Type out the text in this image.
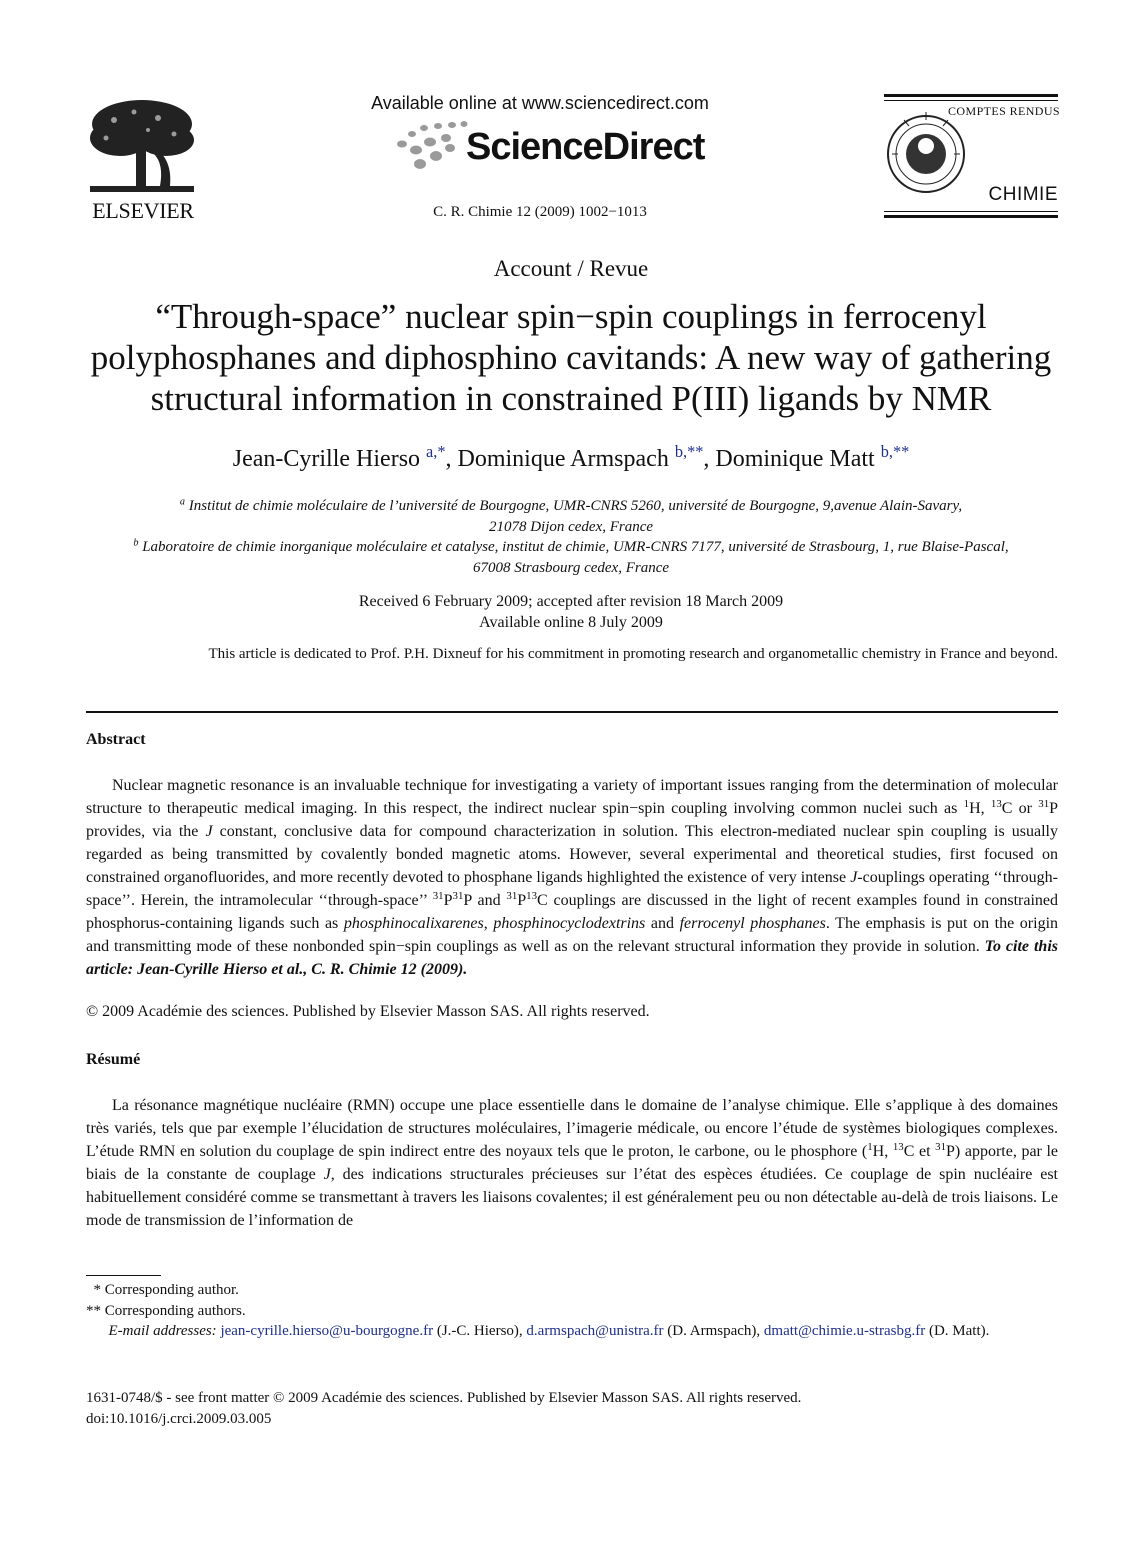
ELSEVIER
Available online at www.sciencedirect.com
ScienceDirect
C. R. Chimie 12 (2009) 1002−1013
COMPTES RENDUS
CHIMIE
Account / Revue
“Through-space” nuclear spin−spin couplings in ferrocenyl
polyphosphanes and diphosphino cavitands: A new way of gathering
structural information in constrained P(III) ligands by NMR
Jean-Cyrille Hierso $^{a,*}$, Dominique Armspach $^{b,**}$, Dominique Matt $^{b,**}$
$^a$ Institut de chimie moléculaire de l’université de Bourgogne, UMR-CNRS 5260, université de Bourgogne, 9,avenue Alain-Savary,
21078 Dijon cedex, France
$^b$ Laboratoire de chimie inorganique moléculaire et catalyse, institut de chimie, UMR-CNRS 7177, université de Strasbourg, 1, rue Blaise-Pascal,
67008 Strasbourg cedex, France
Received 6 February 2009; accepted after revision 18 March 2009
Available online 8 July 2009
This article is dedicated to Prof. P.H. Dixneuf for his commitment in promoting research and organometallic chemistry in France and beyond.
Abstract

Nuclear magnetic resonance is an invaluable technique for investigating a variety of important issues ranging from the determination of molecular structure to therapeutic medical imaging. In this respect, the indirect nuclear spin−spin coupling involving common nuclei such as $^1$H, $^{13}$C or $^{31}$P provides, via the J constant, conclusive data for compound characterization in solution. This electron-mediated nuclear spin coupling is usually regarded as being transmitted by covalently bonded magnetic atoms. However, several experimental and theoretical studies, first focused on constrained organofluorides, and more recently devoted to phosphane ligands highlighted the existence of very intense J-couplings operating ‘‘through-space’’. Herein, the intramolecular ‘‘through-space’’ $^{31}P^{31}P$ and $^{31}P^{13}C$ couplings are discussed in the light of recent examples found in constrained phosphorus-containing ligands such as phosphinocalixarenes, phosphinocyclodextrins and ferrocenyl phosphanes. The emphasis is put on the origin and transmitting mode of these nonbonded spin−spin couplings as well as on the relevant structural information they provide in solution. To cite this article: Jean-Cyrille Hierso et al., C. R. Chimie 12 (2009).

© 2009 Académie des sciences. Published by Elsevier Masson SAS. All rights reserved.
Résumé

La résonance magnétique nucléaire (RMN) occupe une place essentielle dans le domaine de l’analyse chimique. Elle s’applique à des domaines très variés, tels que par exemple l’élucidation de structures moléculaires, l’imagerie médicale, ou encore l’étude de systèmes biologiques complexes. L’étude RMN en solution du couplage de spin indirect entre des noyaux tels que le proton, le carbone, ou le phosphore ($^1$H, $^{13}$C et $^{31}$P) apporte, par le biais de la constante de couplage J, des indications structurales précieuses sur l’état des espèces étudiées. Ce couplage de spin nucléaire est habituellement considéré comme se transmettant à travers les liaisons covalentes; il est généralement peu ou non détectable au-delà de trois liaisons. Le mode de transmission de l’information de

* Corresponding author.
** Corresponding authors.
E-mail addresses: jean-cyrille.hierso@u-bourgogne.fr (J.-C. Hierso), d.armspach@unistra.fr (D. Armspach), dmatt@chimie.u-strasbg.fr (D. Matt).
1631-0748/$ - see front matter © 2009 Académie des sciences. Published by Elsevier Masson SAS. All rights reserved.
doi:10.1016/j.crci.2009.03.005
